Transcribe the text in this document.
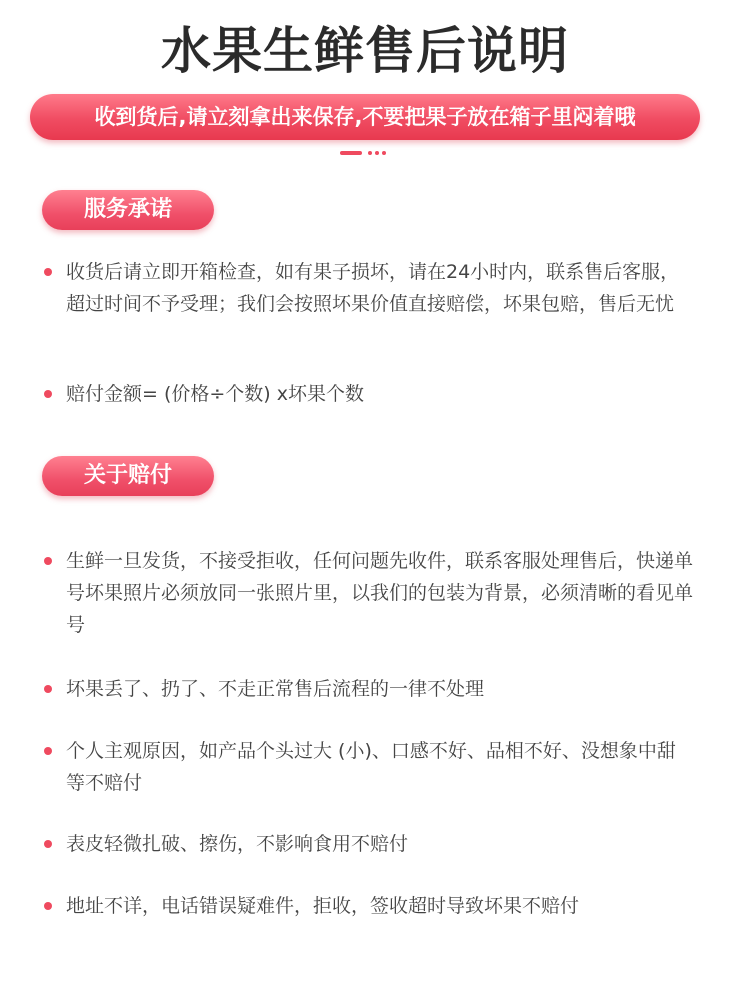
水果生鲜售后说明
收到货后,请立刻拿出来保存,不要把果子放在箱子里闷着哦
服务承诺
收货后请立即开箱检查，如有果子损坏，请在24小时内，联系售后客服，超过时间不予受理；我们会按照坏果价值直接赔偿，坏果包赔，售后无忧
赔付金额= (价格÷个数) x坏果个数
关于赔付
生鲜一旦发货，不接受拒收，任何问题先收件，联系客服处理售后，快递单号坏果照片必须放同一张照片里，以我们的包装为背景，必须清晰的看见单号
坏果丢了、扔了、不走正常售后流程的一律不处理
个人主观原因，如产品个头过大 (小)、口感不好、品相不好、没想象中甜等不赔付
表皮轻微扎破、擦伤，不影响食用不赔付
地址不详，电话错误疑难件，拒收，签收超时导致坏果不赔付
